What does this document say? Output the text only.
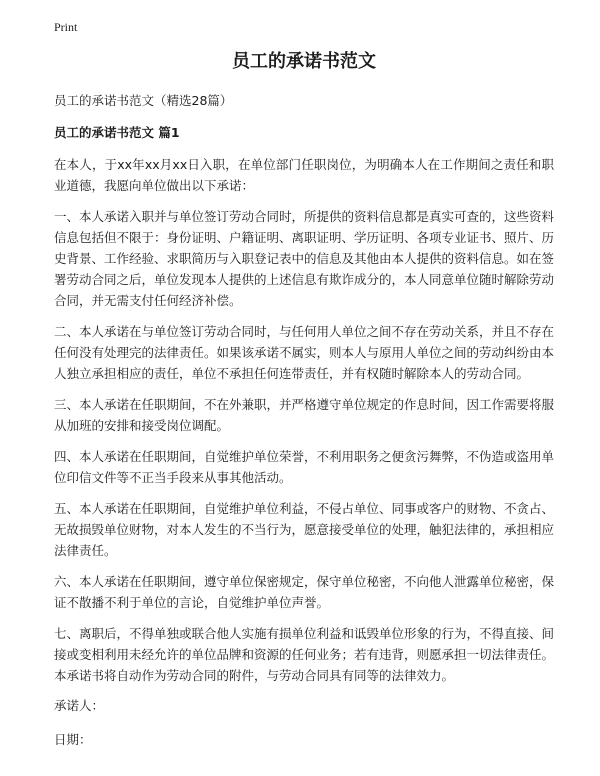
Print
员工的承诺书范文

员工的承诺书范文（精选28篇）

员工的承诺书范文 篇1

在本人，于xx年xx月xx日入职，在单位部门任职岗位，为明确本人在工作期间之责任和职业道德，我愿向单位做出以下承诺：

一、本人承诺入职并与单位签订劳动合同时，所提供的资料信息都是真实可查的，这些资料信息包括但不限于：身份证明、户籍证明、离职证明、学历证明、各项专业证书、照片、历史背景、工作经验、求职简历与入职登记表中的信息及其他由本人提供的资料信息。如在签署劳动合同之后，单位发现本人提供的上述信息有欺诈成分的，本人同意单位随时解除劳动合同，并无需支付任何经济补偿。

二、本人承诺在与单位签订劳动合同时，与任何用人单位之间不存在劳动关系，并且不存在任何没有处理完的法律责任。如果该承诺不属实，则本人与原用人单位之间的劳动纠纷由本人独立承担相应的责任，单位不承担任何连带责任，并有权随时解除本人的劳动合同。

三、本人承诺在任职期间，不在外兼职，并严格遵守单位规定的作息时间，因工作需要将服从加班的安排和接受岗位调配。

四、本人承诺在任职期间，自觉维护单位荣誉，不利用职务之便贪污舞弊，不伪造或盗用单位印信文件等不正当手段来从事其他活动。

五、本人承诺在任职期间，自觉维护单位利益，不侵占单位、同事或客户的财物、不贪占、无故损毁单位财物，对本人发生的不当行为，愿意接受单位的处理，触犯法律的，承担相应法律责任。

六、本人承诺在任职期间，遵守单位保密规定，保守单位秘密，不向他人泄露单位秘密，保证不散播不利于单位的言论，自觉维护单位声誉。

七、离职后，不得单独或联合他人实施有损单位利益和诋毁单位形象的行为，不得直接、间接或变相利用未经允许的单位品牌和资源的任何业务；若有违背，则愿承担一切法律责任。本承诺书将自动作为劳动合同的附件，与劳动合同具有同等的法律效力。

承诺人：

日期：
